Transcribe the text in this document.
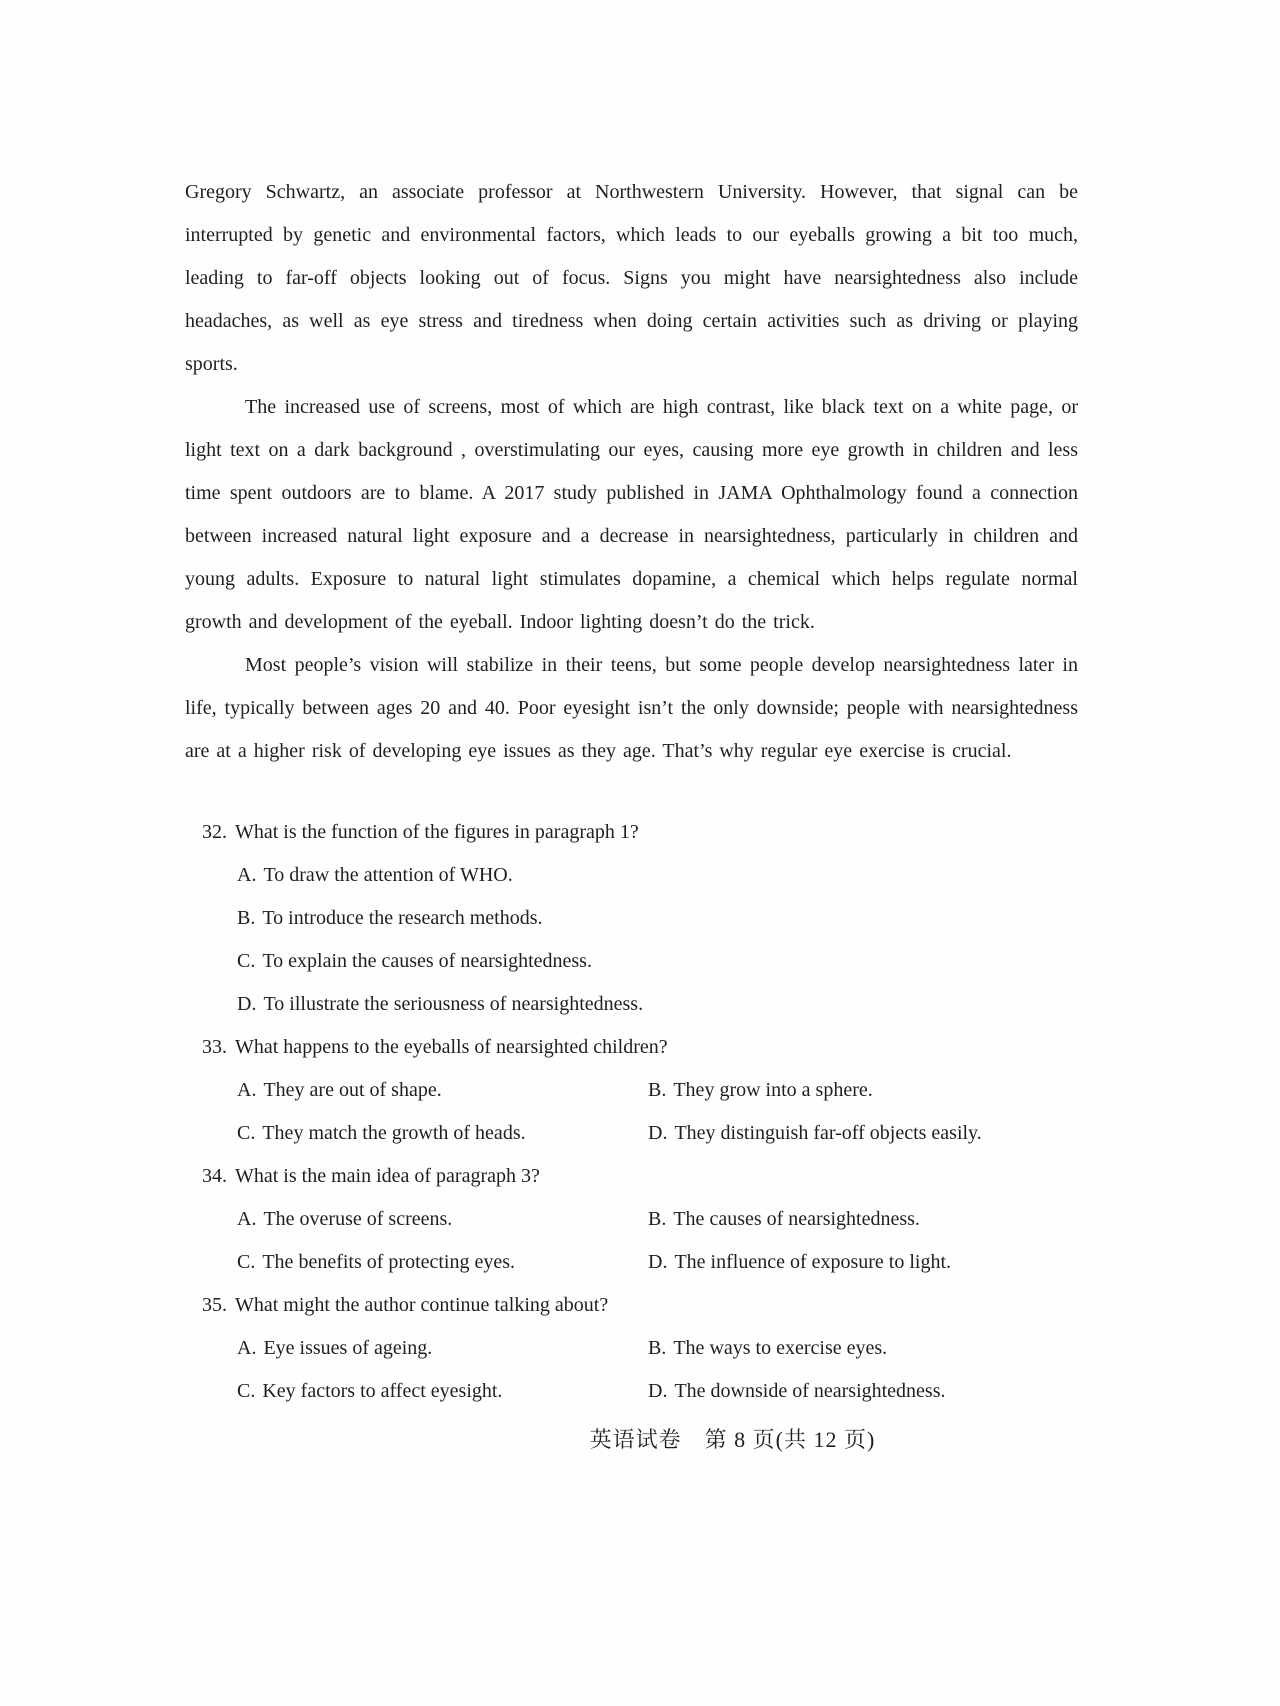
Gregory Schwartz, an associate professor at Northwestern University. However, that signal can be interrupted by genetic and environmental factors, which leads to our eyeballs growing a bit too much, leading to far-off objects looking out of focus. Signs you might have nearsightedness also include headaches, as well as eye stress and tiredness when doing certain activities such as driving or playing sports.

The increased use of screens, most of which are high contrast, like black text on a white page, or light text on a dark background , overstimulating our eyes, causing more eye growth in children and less time spent outdoors are to blame. A 2017 study published in JAMA Ophthalmology found a connection between increased natural light exposure and a decrease in nearsightedness, particularly in children and young adults. Exposure to natural light stimulates dopamine, a chemical which helps regulate normal growth and development of the eyeball. Indoor lighting doesn’t do the trick.

Most people’s vision will stabilize in their teens, but some people develop nearsightedness later in life, typically between ages 20 and 40. Poor eyesight isn’t the only downside; people with nearsightedness are at a higher risk of developing eye issues as they age. That’s why regular eye exercise is crucial.

32. What is the function of the figures in paragraph 1?
A. To draw the attention of WHO.
B. To introduce the research methods.
C. To explain the causes of nearsightedness.
D. To illustrate the seriousness of nearsightedness.
33. What happens to the eyeballs of nearsighted children?
A. They are out of shape.	B. They grow into a sphere.
C. They match the growth of heads.	D. They distinguish far-off objects easily.
34. What is the main idea of paragraph 3?
A. The overuse of screens.	B. The causes of nearsightedness.
C. The benefits of protecting eyes.	D. The influence of exposure to light.
35. What might the author continue talking about?
A. Eye issues of ageing.	B. The ways to exercise eyes.
C. Key factors to affect eyesight.	D. The downside of nearsightedness.
英语试卷　第 8 页(共 12 页)
